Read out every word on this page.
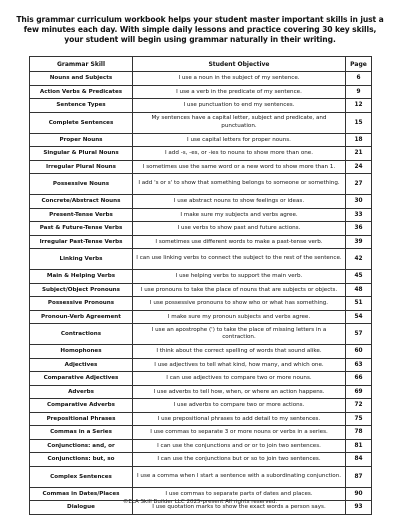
This grammar curriculum workbook helps your student master important skills in just a few minutes each day. With simple daily lessons and practice covering 30 key skills, your student will begin using grammar naturally in their writing.
Grammar Skill	Student Objective	Page
Nouns and Subjects	I use a noun in the subject of my sentence.	6
Action Verbs & Predicates	I use a verb in the predicate of my sentence.	9
Sentence Types	I use punctuation to end my sentences.	12
Complete Sentences	My sentences have a capital letter, subject and predicate, and punctuation.	15
Proper Nouns	I use capital letters for proper nouns.	18
Singular & Plural Nouns	I add -s, -es, or -ies to nouns to show more than one.	21
Irregular Plural Nouns	I sometimes use the same word or a new word to show more than 1.	24
Possessive Nouns	I add 's or s' to show that something belongs to someone or something.	27
Concrete/Abstract Nouns	I use abstract nouns to show feelings or ideas.	30
Present-Tense Verbs	I make sure my subjects and verbs agree.	33
Past & Future-Tense Verbs	I use verbs to show past and future actions.	36
Irregular Past-Tense Verbs	I sometimes use different words to make a past-tense verb.	39
Linking Verbs	I can use linking verbs to connect the subject to the rest of the sentence.	42
Main & Helping Verbs	I use helping verbs to support the main verb.	45
Subject/Object Pronouns	I use pronouns to take the place of nouns that are subjects or objects.	48
Possessive Pronouns	I use possessive pronouns to show who or what has something.	51
Pronoun-Verb Agreement	I make sure my pronoun subjects and verbs agree.	54
Contractions	I use an apostrophe (') to take the place of missing letters in a contraction.	57
Homophones	I think about the correct spelling of words that sound alike.	60
Adjectives	I use adjectives to tell what kind, how many, and which one.	63
Comparative Adjectives	I can use adjectives to compare two or more nouns.	66
Adverbs	I use adverbs to tell how, when, or where an action happens.	69
Comparative Adverbs	I use adverbs to compare two or more actions.	72
Prepositional Phrases	I use prepositional phrases to add detail to my sentences.	75
Commas in a Series	I use commas to separate 3 or more nouns or verbs in a series.	78
Conjunctions: and, or	I can use the conjunctions and or or to join two sentences.	81
Conjunctions: but, so	I can use the conjunctions but or so to join two sentences.	84
Complex Sentences	I use a comma when I start a sentence with a subordinating conjunction.	87
Commas in Dates/Places	I use commas to separate parts of dates and places.	90
Dialogue	I use quotation marks to show the exact words a person says.	93
©ELA Skill Builder LLC 2025-present All rights reserved.
